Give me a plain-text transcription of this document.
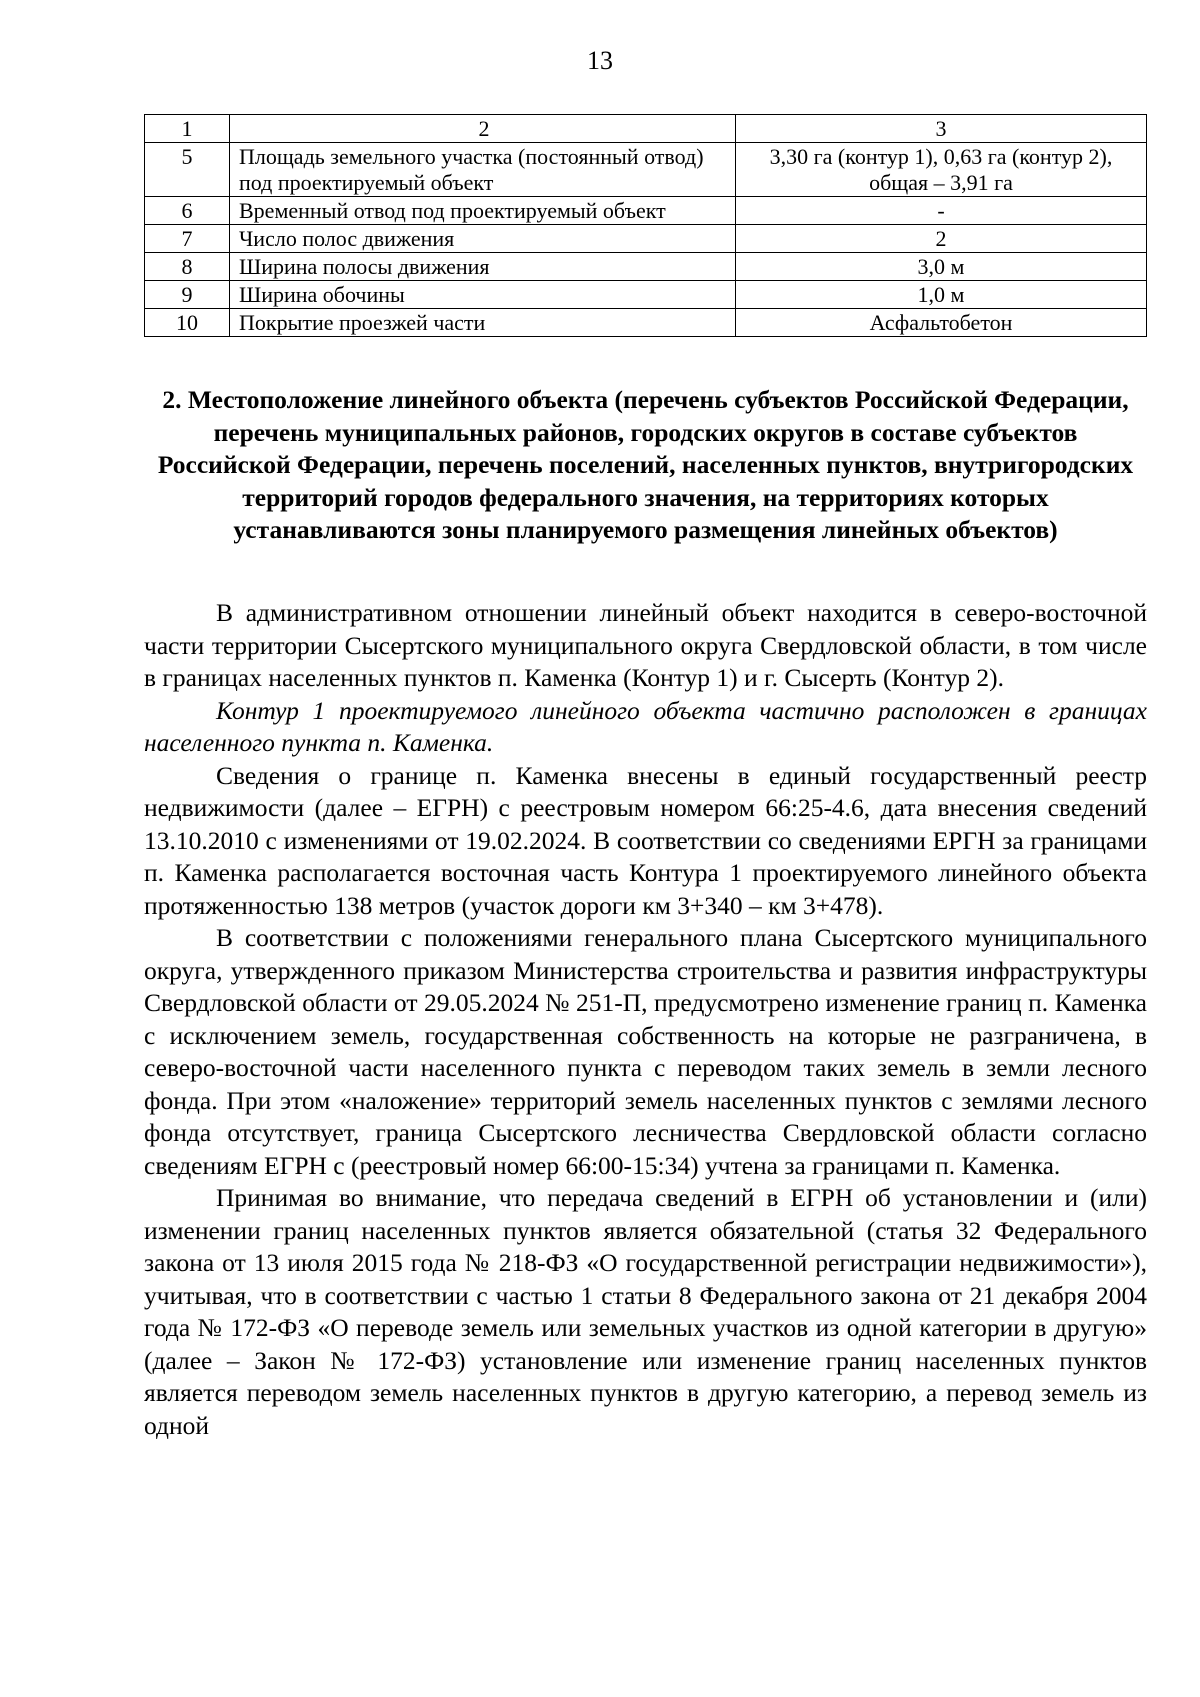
13
1	2	3
5	Площадь земельного участка (постоянный отвод) под проектируемый объект	3,30 га (контур 1), 0,63 га (контур 2), общая – 3,91 га
6	Временный отвод под проектируемый объект	-
7	Число полос движения	2
8	Ширина полосы движения	3,0 м
9	Ширина обочины	1,0 м
10	Покрытие проезжей части	Асфальтобетон
2. Местоположение линейного объекта (перечень субъектов Российской Федерации, перечень муниципальных районов, городских округов в составе субъектов Российской Федерации, перечень поселений, населенных пунктов, внутригородских территорий городов федерального значения, на территориях которых устанавливаются зоны планируемого размещения линейных объектов)

В административном отношении линейный объект находится в северо-восточной части территории Сысертского муниципального округа Свердловской области, в том числе в границах населенных пунктов п. Каменка (Контур 1) и г. Сысерть (Контур 2).

Контур 1 проектируемого линейного объекта частично расположен в границах населенного пункта п. Каменка.

Сведения о границе п. Каменка внесены в единый государственный реестр недвижимости (далее – ЕГРН) с реестровым номером 66:25-4.6, дата внесения сведений 13.10.2010 с изменениями от 19.02.2024. В соответствии со сведениями ЕРГН за границами п. Каменка располагается восточная часть Контура 1 проектируемого линейного объекта протяженностью 138 метров (участок дороги км 3+340 – км 3+478).

В соответствии с положениями генерального плана Сысертского муниципального округа, утвержденного приказом Министерства строительства и развития инфраструктуры Свердловской области от 29.05.2024 № 251-П, предусмотрено изменение границ п. Каменка с исключением земель, государственная собственность на которые не разграничена, в северо-восточной части населенного пункта с переводом таких земель в земли лесного фонда. При этом «наложение» территорий земель населенных пунктов с землями лесного фонда отсутствует, граница Сысертского лесничества Свердловской области согласно сведениям ЕГРН с (реестровый номер 66:00-15:34) учтена за границами п. Каменка.

Принимая во внимание, что передача сведений в ЕГРН об установлении и (или) изменении границ населенных пунктов является обязательной (статья 32 Федерального закона от 13 июля 2015 года № 218-ФЗ «О государственной регистрации недвижимости»), учитывая, что в соответствии с частью 1 статьи 8 Федерального закона от 21 декабря 2004 года № 172-ФЗ «О переводе земель или земельных участков из одной категории в другую» (далее – Закон № 172-ФЗ) установление или изменение границ населенных пунктов является переводом земель населенных пунктов в другую категорию, а перевод земель из одной
